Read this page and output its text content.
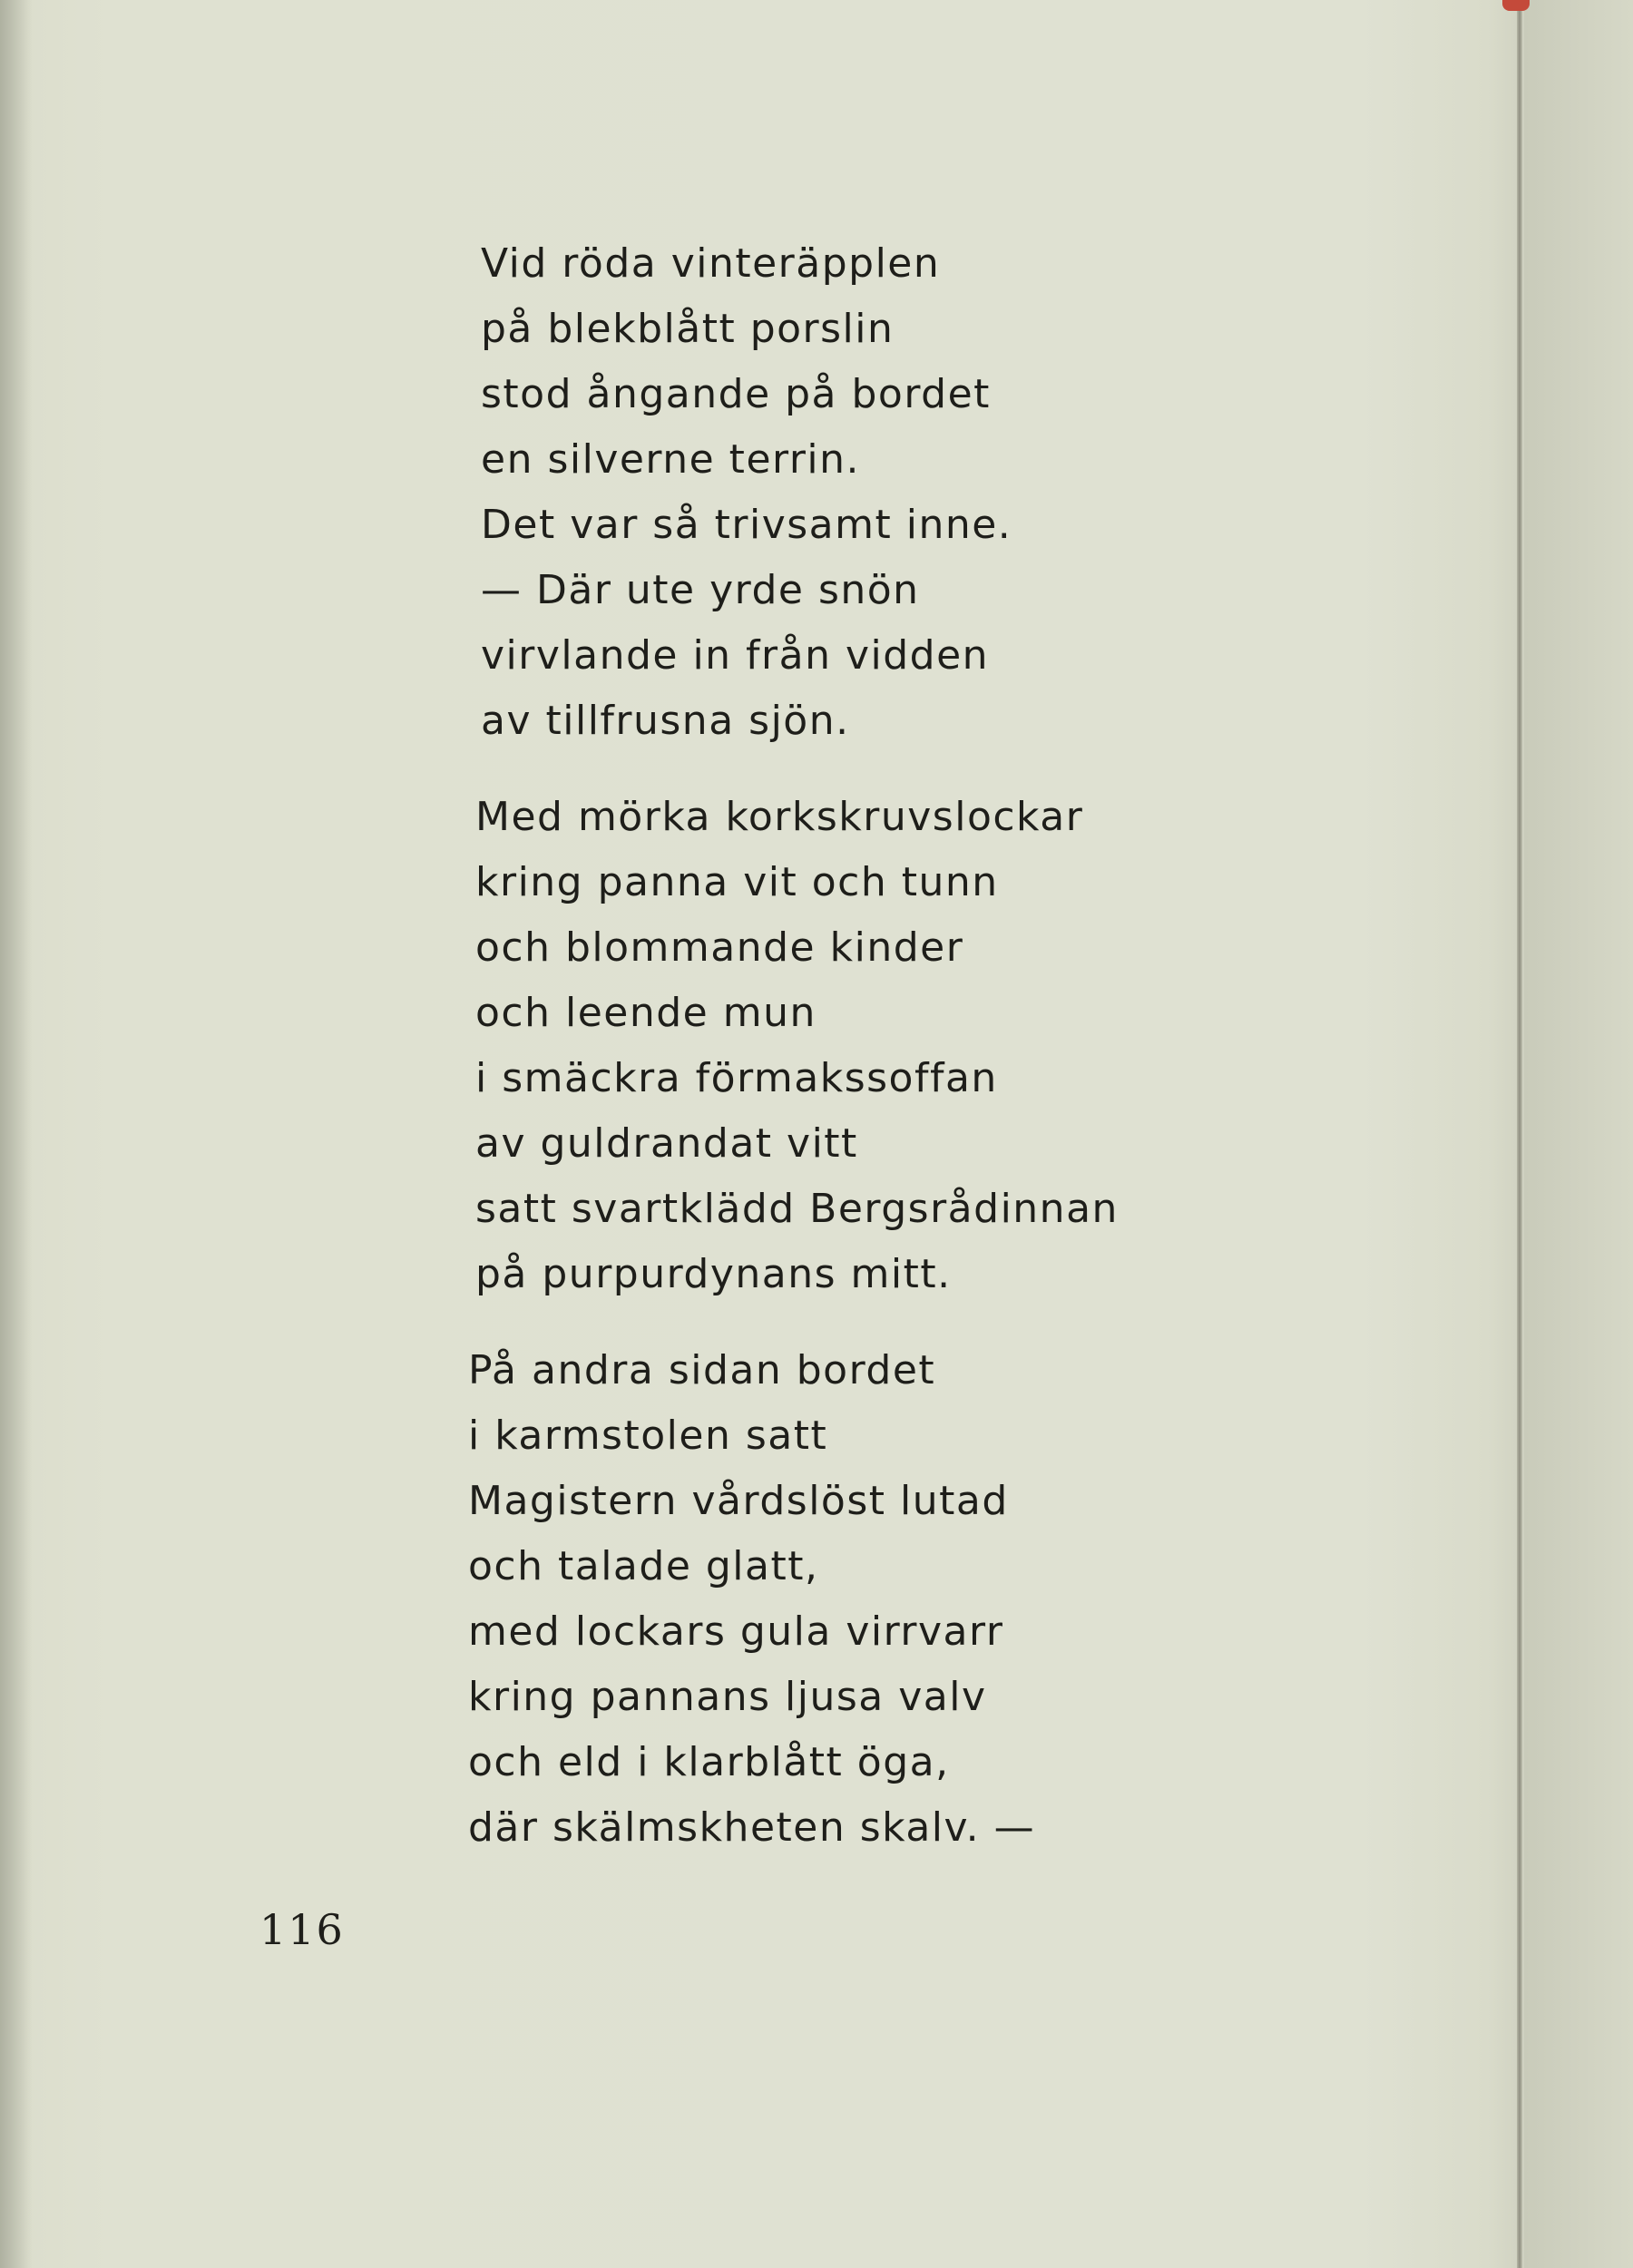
Vid röda vinteräpplen
på blekblått porslin
stod ångande på bordet
en silverne terrin.
Det var så trivsamt inne.
— Där ute yrde snön
virvlande in från vidden
av tillfrusna sjön.
Med mörka korkskruvslockar
kring panna vit och tunn
och blommande kinder
och leende mun
i smäckra förmakssoffan
av guldrandat vitt
satt svartklädd Bergsrådinnan
på purpurdynans mitt.
På andra sidan bordet
i karmstolen satt
Magistern vårdslöst lutad
och talade glatt,
med lockars gula virrvarr
kring pannans ljusa valv
och eld i klarblått öga,
där skälmskheten skalv. —
116
